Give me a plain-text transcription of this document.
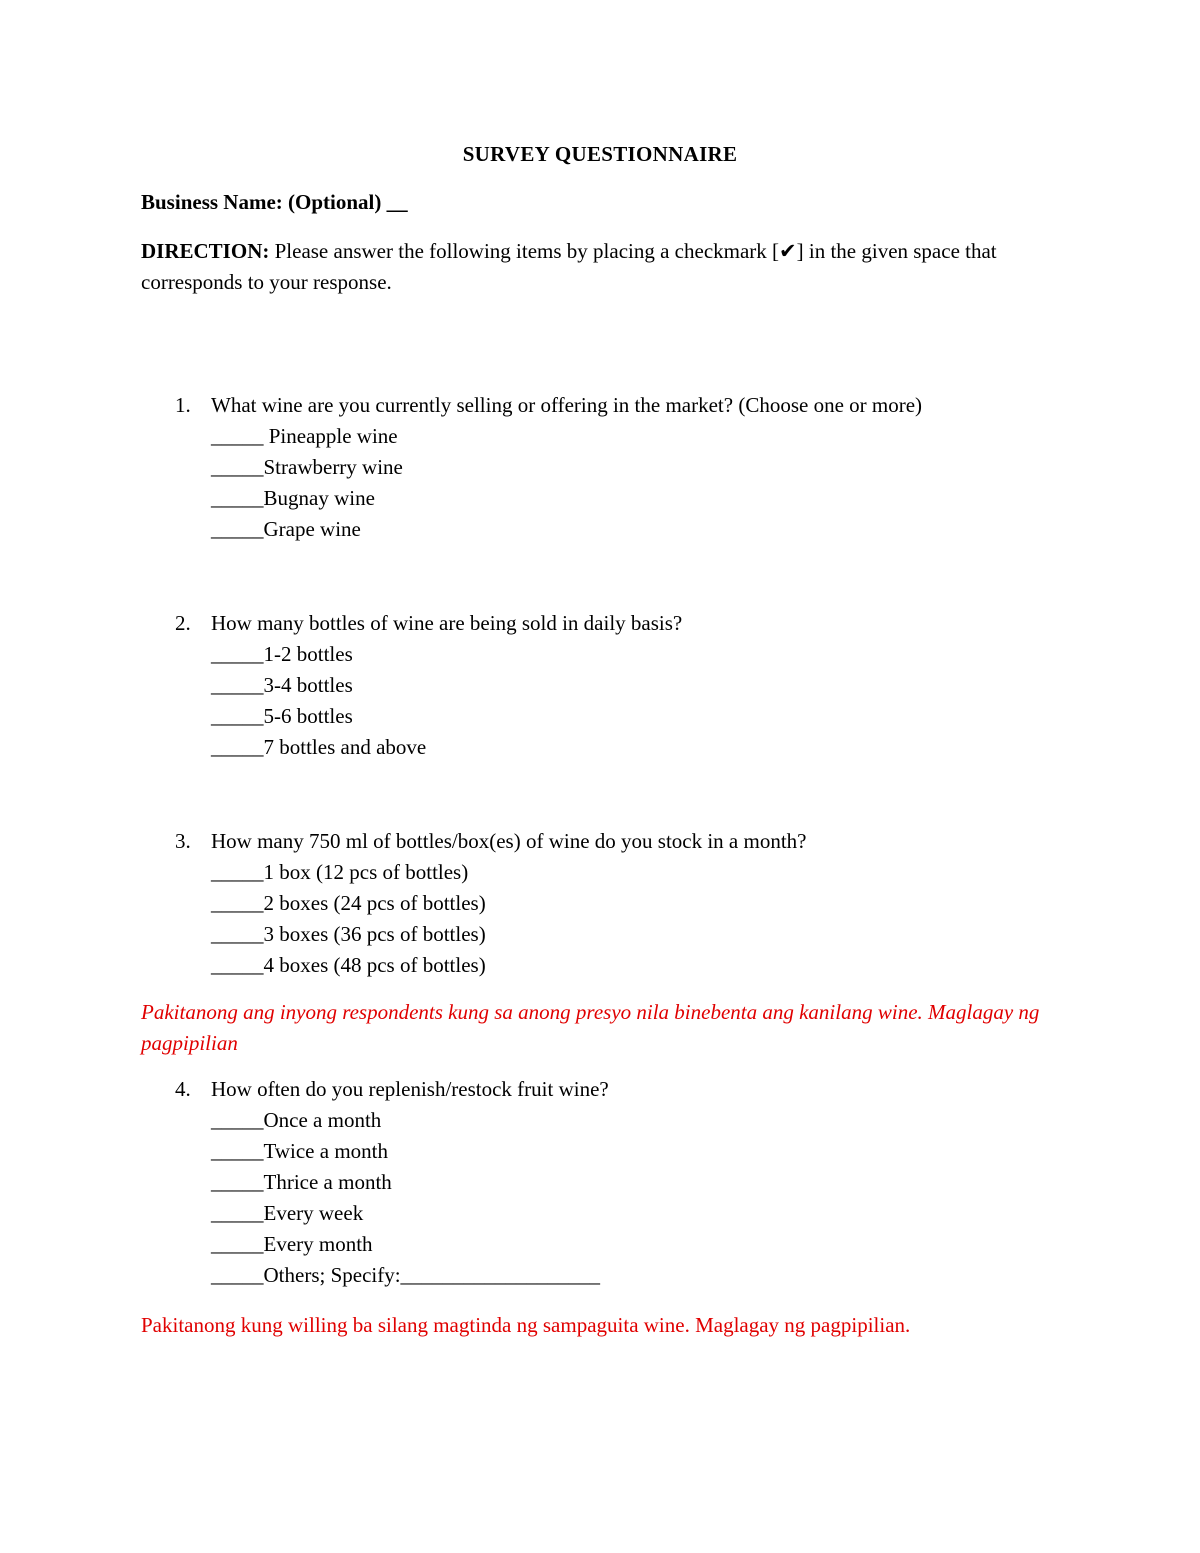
SURVEY QUESTIONNAIRE
Business Name: (Optional) __
DIRECTION: Please answer the following items by placing a checkmark [✔] in the given space that corresponds to your response.
1. What wine are you currently selling or offering in the market? (Choose one or more)
_____ Pineapple wine
_____Strawberry wine
_____Bugnay wine
_____Grape wine
2. How many bottles of wine are being sold in daily basis?
_____1-2 bottles
_____3-4 bottles
_____5-6 bottles
_____7 bottles and above
3. How many 750 ml of bottles/box(es) of wine do you stock in a month?
_____1 box (12 pcs of bottles)
_____2 boxes (24 pcs of bottles)
_____3 boxes (36 pcs of bottles)
_____4 boxes (48 pcs of bottles)
Pakitanong ang inyong respondents kung sa anong presyo nila binebenta ang kanilang wine. Maglagay ng pagpipilian
4. How often do you replenish/restock fruit wine?
_____Once a month
_____Twice a month
_____Thrice a month
_____Every week
_____Every month
_____Others; Specify:___________________
Pakitanong kung willing ba silang magtinda ng sampaguita wine. Maglagay ng pagpipilian.
